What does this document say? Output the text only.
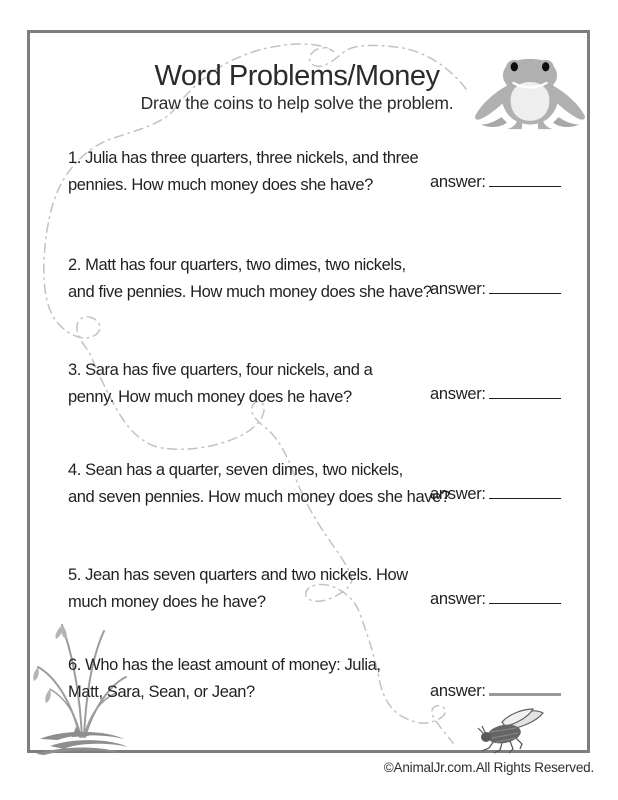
Word Problems/Money
Draw the coins to help solve the problem.
1. Julia has three quarters, three nickels, and three
pennies. How much money does she have?	answer:
2. Matt has four quarters, two dimes, two nickels,
and five pennies. How much money does she have?
answer:
3. Sara has five quarters, four nickels, and a
penny. How much money does he have?	answer:
4. Sean has a quarter, seven dimes, two nickels,
and seven pennies. How much money does she have?
answer:
5. Jean has seven quarters and two nickels. How
much money does he have?	answer:
6. Who has the least amount of money: Julia,
Matt, Sara, Sean, or Jean?	answer:
©AnimalJr.com.All Rights Reserved.
